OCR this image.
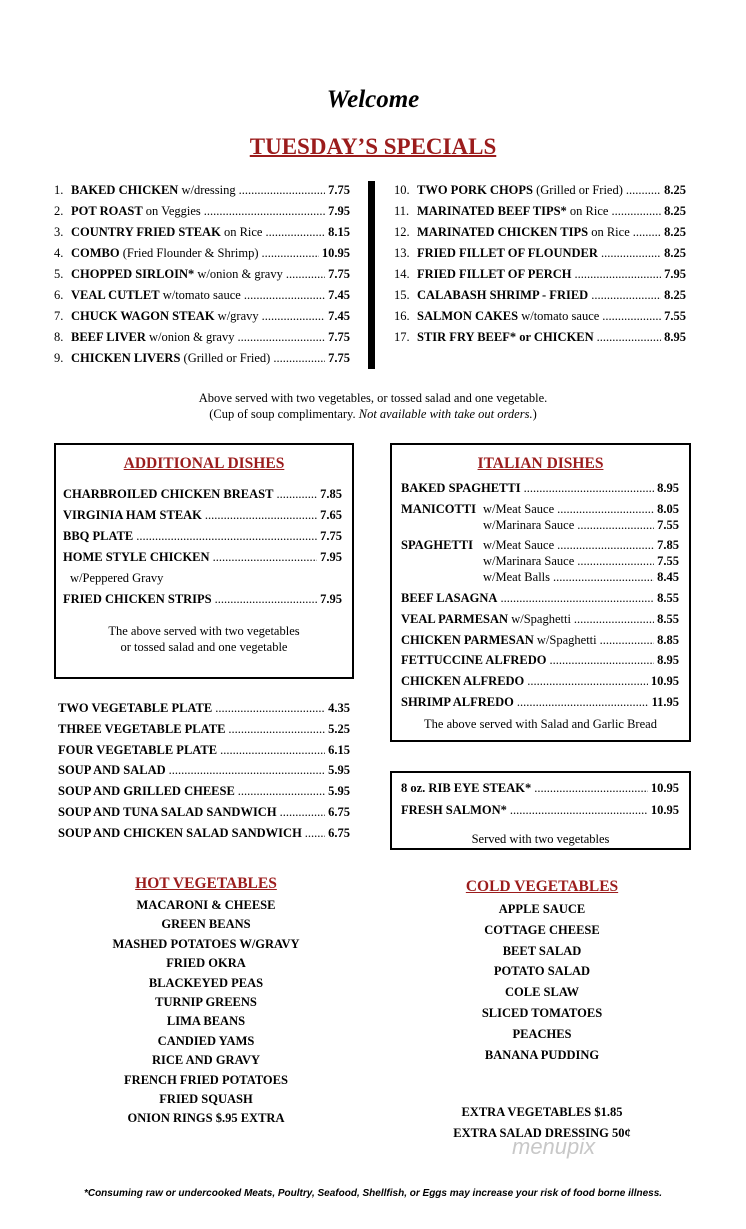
Welcome
TUESDAY’S SPECIALS
1. BAKED CHICKEN w/dressing .....	7.75
2. POT ROAST on Veggies .....	7.95
3. COUNTRY FRIED STEAK on Rice .....	8.15
4. COMBO (Fried Flounder & Shrimp) .....	10.95
5. CHOPPED SIRLOIN* w/onion & gravy .....	7.75
6. VEAL CUTLET w/tomato sauce .....	7.45
7. CHUCK WAGON STEAK w/gravy .....	7.45
8. BEEF LIVER w/onion & gravy .....	7.75
9. CHICKEN LIVERS (Grilled or Fried) .....	7.75
10. TWO PORK CHOPS (Grilled or Fried) .....	8.25
11. MARINATED BEEF TIPS* on Rice .....	8.25
12. MARINATED CHICKEN TIPS on Rice .....	8.25
13. FRIED FILLET OF FLOUNDER .....	8.25
14. FRIED FILLET OF PERCH .....	7.95
15. CALABASH SHRIMP - FRIED .....	8.25
16. SALMON CAKES w/tomato sauce .....	7.55
17. STIR FRY BEEF* or CHICKEN .....	8.95
Above served with two vegetables, or tossed salad and one vegetable.
(Cup of soup complimentary. Not available with take out orders.)
ADDITIONAL DISHES
CHARBROILED CHICKEN BREAST .....	7.85
VIRGINIA HAM STEAK .....	7.65
BBQ PLATE .....	7.75
HOME STYLE CHICKEN .....	7.95
w/Peppered Gravy
FRIED CHICKEN STRIPS .....	7.95
The above served with two vegetables
or tossed salad and one vegetable
TWO VEGETABLE PLATE .....	4.35
THREE VEGETABLE PLATE .....	5.25
FOUR VEGETABLE PLATE .....	6.15
SOUP AND SALAD .....	5.95
SOUP AND GRILLED CHEESE .....	5.95
SOUP AND TUNA SALAD SANDWICH .....	6.75
SOUP AND CHICKEN SALAD SANDWICH ..... 6.75
ITALIAN DISHES
BAKED SPAGHETTI .....	8.95
MANICOTTI w/Meat Sauce .....	8.05
w/Marinara Sauce .....	7.55
SPAGHETTI w/Meat Sauce .....	7.85
w/Marinara Sauce .....	7.55
w/Meat Balls .....	8.45
BEEF LASAGNA .....	8.55
VEAL PARMESAN w/Spaghetti .....	8.55
CHICKEN PARMESAN w/Spaghetti .....	8.85
FETTUCCINE ALFREDO .....	8.95
CHICKEN ALFREDO .....	10.95
SHRIMP ALFREDO .....	11.95
The above served with Salad and Garlic Bread
8 oz. RIB EYE STEAK* .....	10.95
FRESH SALMON* .....	10.95
Served with two vegetables
HOT VEGETABLES
MACARONI & CHEESE
GREEN BEANS
MASHED POTATOES W/GRAVY
FRIED OKRA
BLACKEYED PEAS
TURNIP GREENS
LIMA BEANS
CANDIED YAMS
RICE AND GRAVY
FRENCH FRIED POTATOES
FRIED SQUASH
ONION RINGS $.95 EXTRA
COLD VEGETABLES
APPLE SAUCE
COTTAGE CHEESE
BEET SALAD
POTATO SALAD
COLE SLAW
SLICED TOMATOES
PEACHES
BANANA PUDDING
EXTRA VEGETABLES $1.85
EXTRA SALAD DRESSING 50¢
menupix
*Consuming raw or undercooked Meats, Poultry, Seafood, Shellfish, or Eggs may increase your risk of food borne illness.
